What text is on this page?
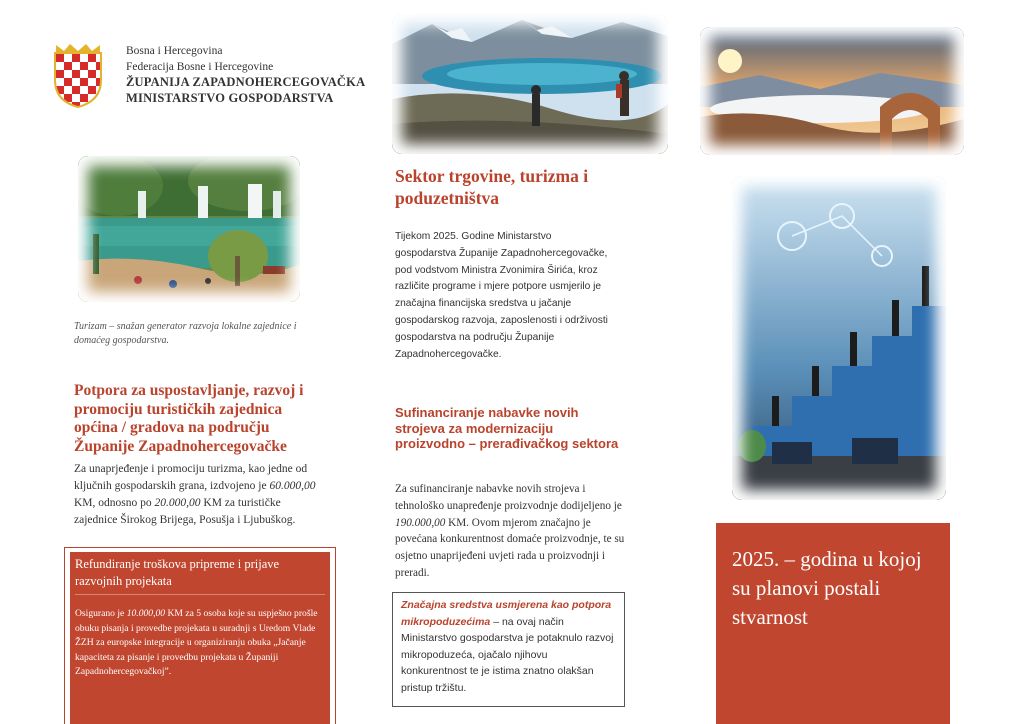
Bosna i Hercegovina
Federacija Bosne i Hercegovine
ŽUPANIJA ZAPADNOHERCEGOVAČKA
MINISTARSTVO GOSPODARSTVA
Turizam – snažan generator razvoja lokalne zajednice i domaćeg gospodarstva.
Potpora za uspostavljanje, razvoj i promociju turističkih zajednica općina / gradova na području Županije Zapadnohercegovačke

Za unaprjeđenje i promociju turizma, kao jedne od ključnih gospodarskih grana, izdvojeno je 60.000,00 KM, odnosno po 20.000,00 KM za turističke zajednice Širokog Brijega, Posušja i Ljubuškog.

Refundiranje troškova pripreme i prijave razvojnih projekata
Osigurano je 10.000,00 KM za 5 osoba koje su uspješno prošle obuku pisanja i provedbe projekata u suradnji s Uredom Vlade ŽZH za europske integracije u organiziranju obuka „Jačanje kapaciteta za pisanje i provedbu projekata u Županiji Zapadnohercegovačkoj”.
Sektor trgovine, turizma i poduzetništva

Tijekom 2025. Godine Ministarstvo gospodarstva Županije Zapadnohercegovačke, pod vodstvom Ministra Zvonimira Širića, kroz različite programe i mjere potpore usmjerilo je značajna financijska sredstva u jačanje gospodarskog razvoja, zaposlenosti i održivosti gospodarstva na području Županije Zapadnohercegovačke.

Sufinanciranje nabavke novih strojeva za modernizaciju proizvodno – prerađivačkog sektora

Za sufinanciranje nabavke novih strojeva i tehnološko unapređenje proizvodnje dodijeljeno je 190.000,00 KM. Ovom mjerom značajno je povećana konkurentnost domaće proizvodnje, te su osjetno unaprijeđeni uvjeti rada u proizvodnji i preradi.

Značajna sredstva usmjerena kao potpora mikropoduzećima – na ovaj način Ministarstvo gospodarstva je potaknulo razvoj mikropoduzeća, ojačalo njihovu konkurentnost te je istima znatno olakšan pristup tržištu.
2025. – godina u kojoj su planovi postali stvarnost
